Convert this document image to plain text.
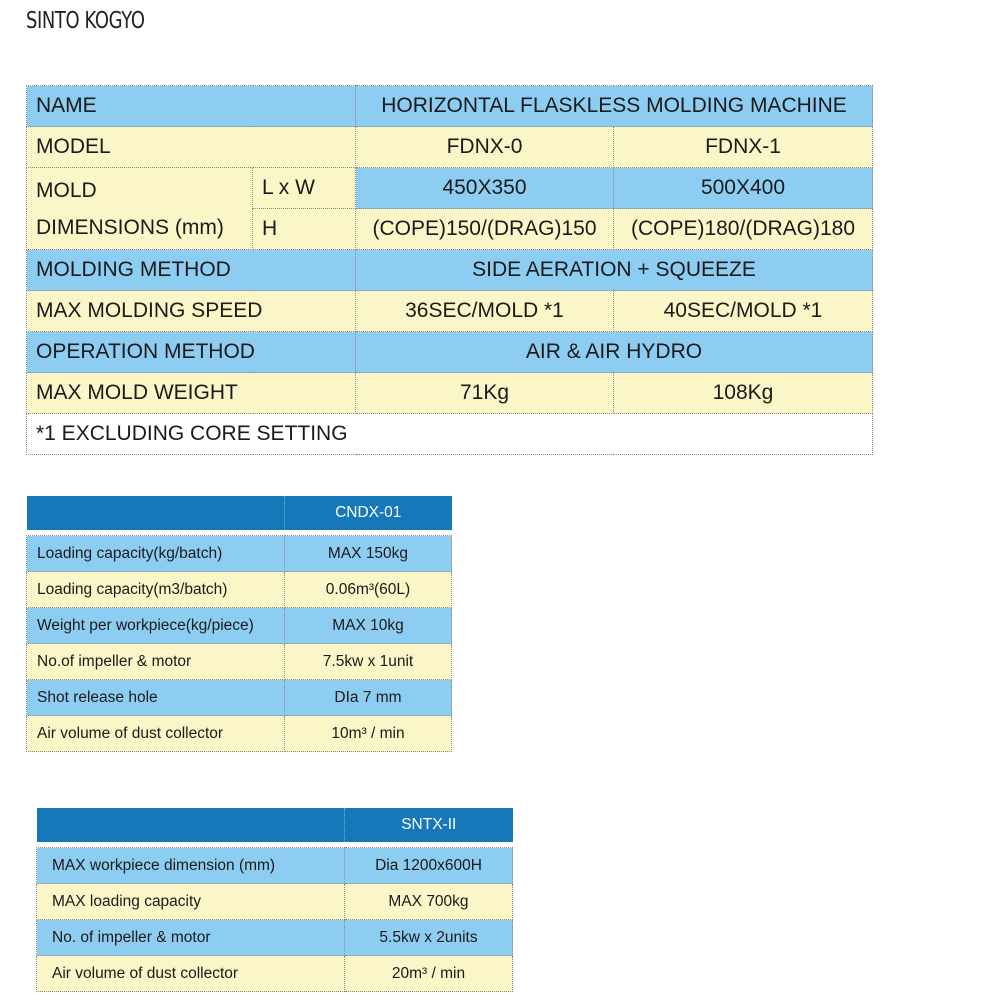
SINTO KOGYO
NAME		HORIZONTAL FLASKLESS MOLDING MACHINE	
MODEL		FDNX-0	FDNX-1

MOLD
DIMENSIONS (mm)	L x W	450X350	500X400
	H	(COPE)150/(DRAG)150	(COPE)180/(DRAG)180
MOLDING METHOD		SIDE AERATION + SQUEEZE	
MAX MOLDING SPEED		36SEC/MOLD *1	40SEC/MOLD *1
OPERATION METHOD		AIR & AIR HYDRO	
MAX MOLD WEIGHT		71Kg	108Kg
*1 EXCLUDING CORE SETTING			
	CNDX-01

Loading capacity(kg/batch)	MAX 150kg
Loading capacity(m3/batch)	0.06m³(60L)
Weight per workpiece(kg/piece)	MAX 10kg
No.of impeller & motor	7.5kw x 1unit
Shot release hole	DIa 7 mm
Air volume of dust collector	10m³ / min
	SNTX-II

MAX workpiece dimension (mm)	Dia 1200x600H
MAX loading capacity	MAX 700kg
No. of impeller & motor	5.5kw x 2units
Air volume of dust collector	20m³ / min
